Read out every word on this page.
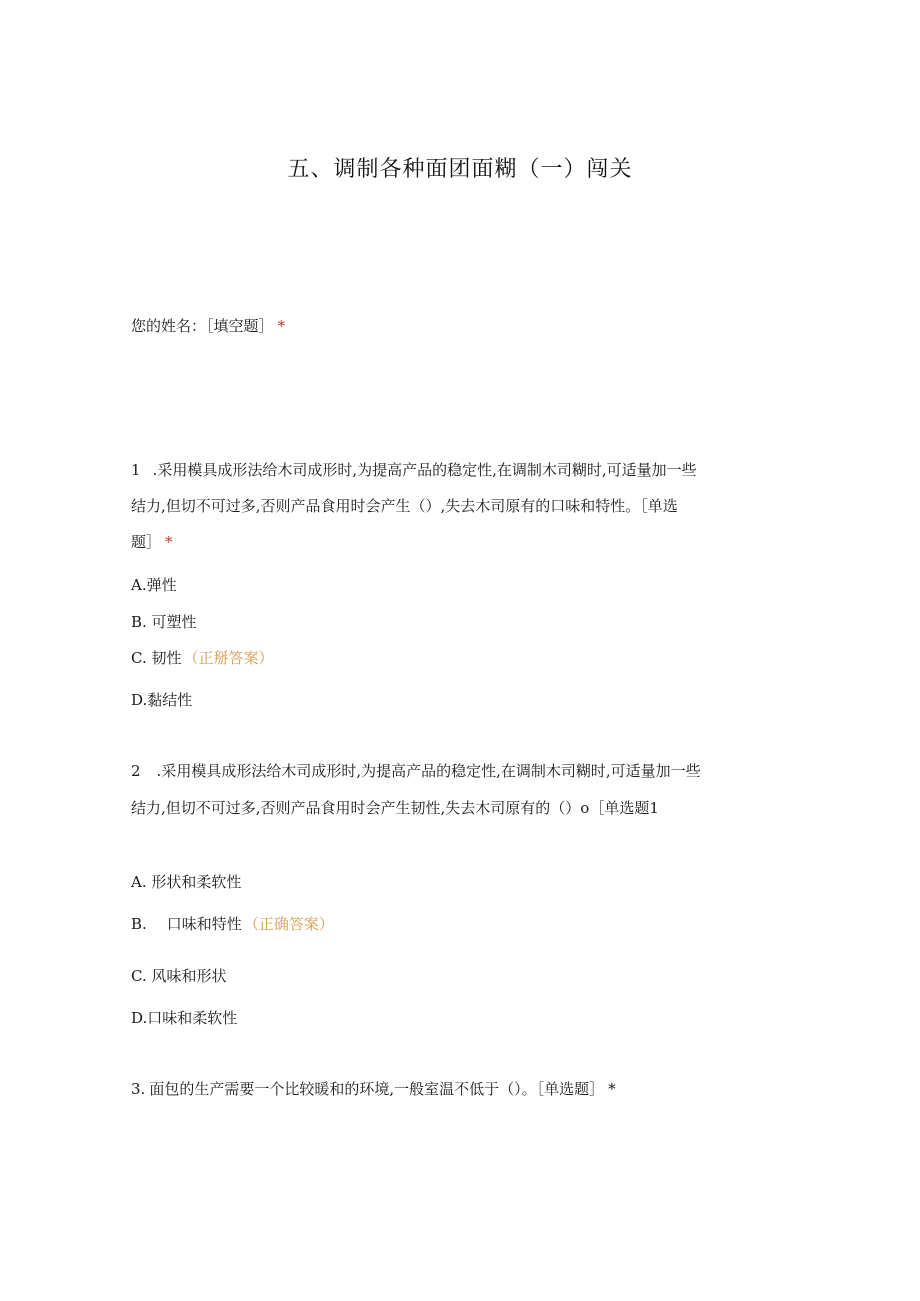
五、调制各种面团面糊（一）闯关
您的姓名：［填空题］ *
1 .采用模具成形法给木司成形时,为提高产品的稳定性,在调制木司糊时,可适量加一些
结力,但切不可过多,否则产品食用时会产生（）,失去木司原有的口味和特性。［单选
题］ *
A.弹性
B. 可塑性
C. 韧性 （正掰答案）
D.黏结性
2 .采用模具成形法给木司成形时,为提高产品的稳定性,在调制木司糊时,可适量加一些
结力,但切不可过多,否则产品食用时会产生韧性,失去木司原有的（）o［单选题1
A. 形状和柔软性
B. 口味和特性 （正确答案）
C. 风味和形状
D.口味和柔软性
3. 面包的生产需要一个比较暖和的环境,一般室温不低于（）。［单选题］ *
